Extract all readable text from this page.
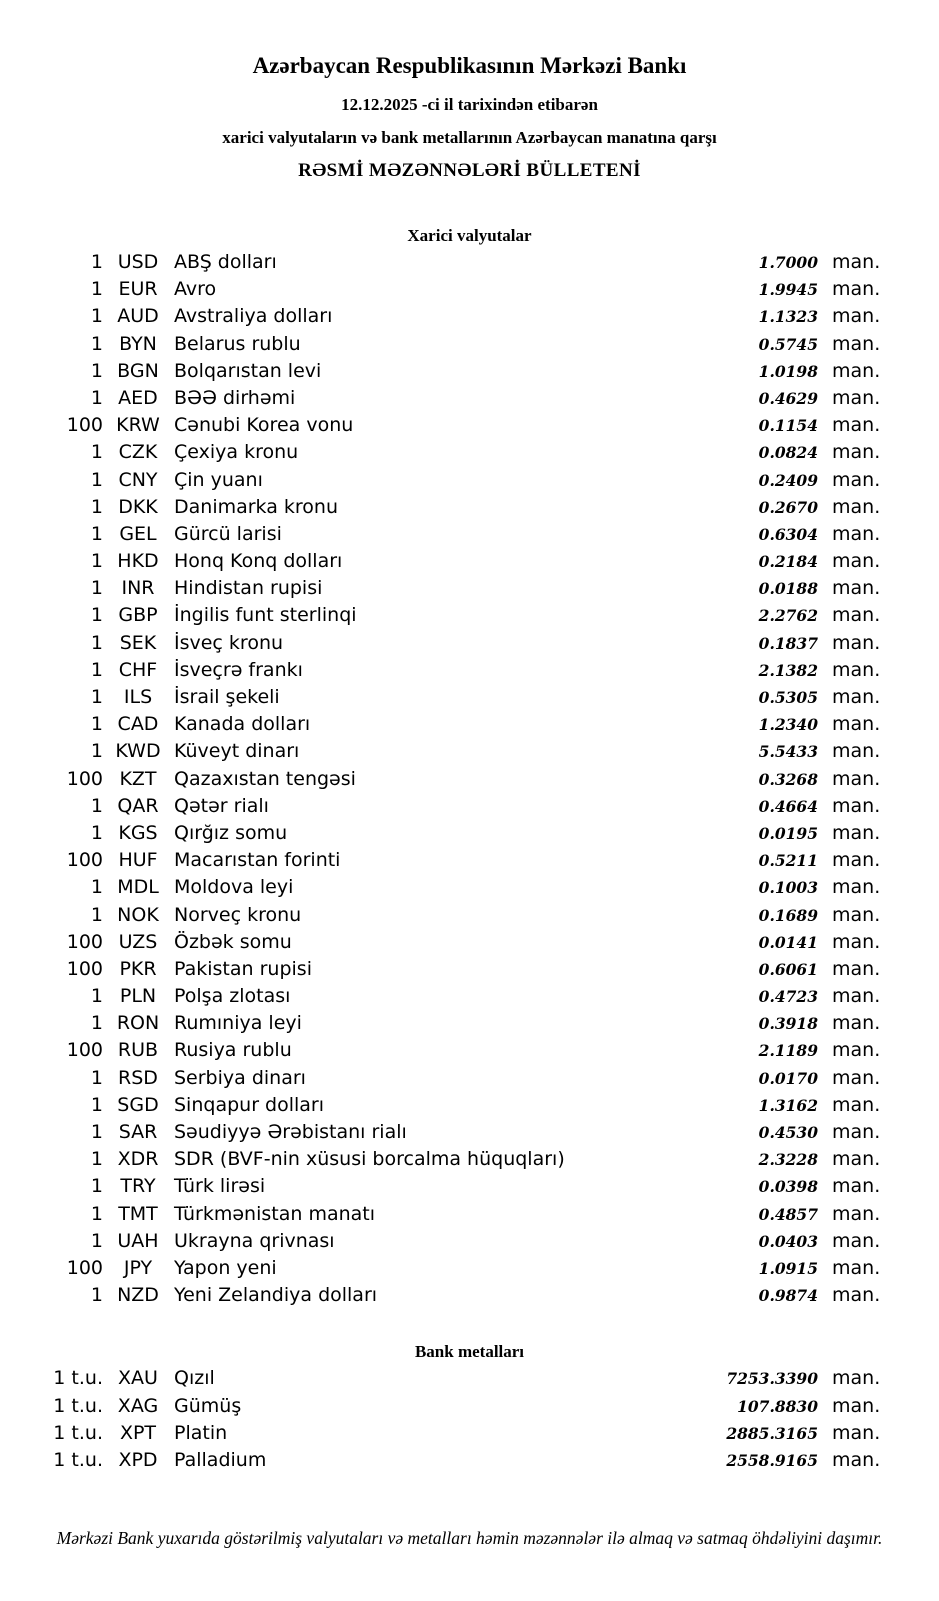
Azərbaycan Respublikasının Mərkəzi Bankı

12.12.2025 -ci il tarixindən etibarən

xarici valyutaların və bank metallarının Azərbaycan manatına qarşı

RƏSMİ MƏZƏNNƏLƏRİ BÜLLETENİ

Xarici valyutalar
1 USD ABŞ dolları	1.7000 man.
1 EUR Avro	1.9945 man.
1 AUD Avstraliya dolları	1.1323 man.
1 BYN Belarus rublu	0.5745 man.
1 BGN Bolqarıstan levi	1.0198 man.
1 AED BƏƏ dirhəmi	0.4629 man.
100 KRW Cənubi Korea vonu	0.1154 man.
1 CZK Çexiya kronu	0.0824 man.
1 CNY Çin yuanı	0.2409 man.
1 DKK Danimarka kronu	0.2670 man.
1 GEL Gürcü larisi	0.6304 man.
1 HKD Honq Konq dolları	0.2184 man.
1 INR	Hindistan rupisi	0.0188 man.
1 GBP İngilis funt sterlinqi	2.2762 man.
1 SEK İsveç kronu	0.1837 man.
1 CHF İsveçrə frankı	2.1382 man.
1	ILS	İsrail şekeli	0.5305 man.
1 CAD Kanada dolları	1.2340 man.
1 KWD Küveyt dinarı	5.5433 man.
100 KZT Qazaxıstan tengəsi	0.3268 man.
1 QAR Qətər rialı	0.4664 man.
1 KGS Qırğız somu	0.0195 man.
100 HUF Macarıstan forinti	0.5211 man.
1 MDL Moldova leyi	0.1003 man.
1 NOK Norveç kronu	0.1689 man.
100 UZS Özbək somu	0.0141 man.
100 PKR Pakistan rupisi	0.6061 man.
1 PLN Polşa zlotası	0.4723 man.
1 RON Rumıniya leyi	0.3918 man.
100 RUB Rusiya rublu	2.1189 man.
1 RSD Serbiya dinarı	0.0170 man.
1 SGD Sinqapur dolları	1.3162 man.
1 SAR Səudiyyə Ərəbistanı rialı	0.4530 man.
1 XDR SDR (BVF-nin xüsusi borcalma hüquqları)	2.3228 man.
1 TRY Türk lirəsi	0.0398 man.
1 TMT Türkmənistan manatı	0.4857 man.
1 UAH Ukrayna qrivnası	0.0403 man.
100	JPY	Yapon yeni	1.0915 man.
1 NZD Yeni Zelandiya dolları	0.9874 man.
Bank metalları
1 t.u. XAU Qızıl	7253.3390 man.
1 t.u. XAG Gümüş	107.8830 man.
1 t.u. XPT Platin	2885.3165 man.
1 t.u. XPD Palladium	2558.9165 man.

Mərkəzi Bank yuxarıda göstərilmiş valyutaları və metalları həmin məzənnələr ilə almaq və satmaq öhdəliyini daşımır.
